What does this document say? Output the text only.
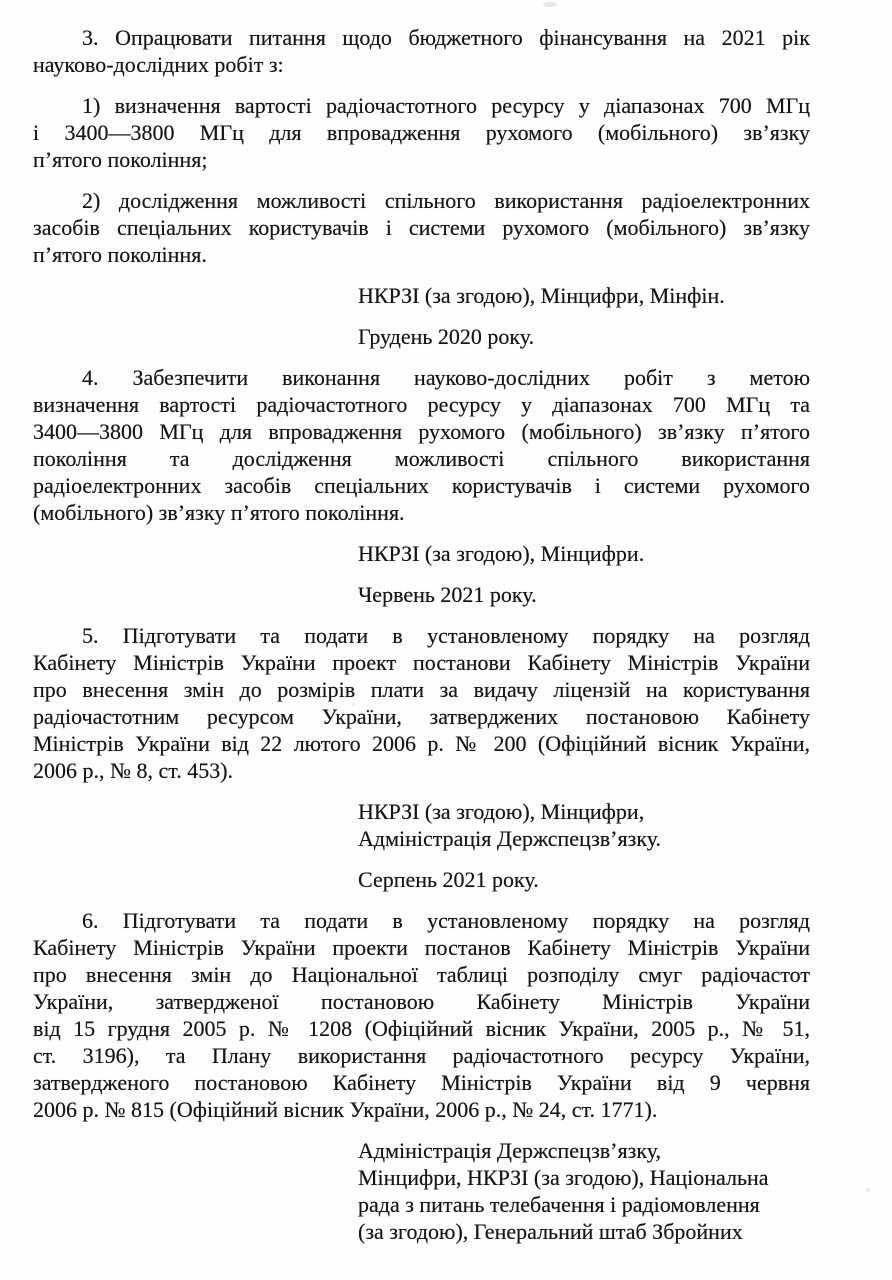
3. Опрацювати питання щодо бюджетного фінансування на 2021 рік
науково-дослідних робіт з:
1) визначення вартості радіочастотного ресурсу у діапазонах 700 МГц
і 3400—3800 МГц для впровадження рухомого (мобільного) зв’язку
п’ятого покоління;
2) дослідження можливості спільного використання радіоелектронних
засобів спеціальних користувачів і системи рухомого (мобільного) зв’язку
п’ятого покоління.
НКРЗІ (за згодою), Мінцифри, Мінфін.
Грудень 2020 року.
4. Забезпечити виконання науково-дослідних робіт з метою
визначення вартості радіочастотного ресурсу у діапазонах 700 МГц та
3400—3800 МГц для впровадження рухомого (мобільного) зв’язку п’ятого
покоління та дослідження можливості спільного використання
радіоелектронних засобів спеціальних користувачів і системи рухомого
(мобільного) зв’язку п’ятого покоління.
НКРЗІ (за згодою), Мінцифри.
Червень 2021 року.
5. Підготувати та подати в установленому порядку на розгляд
Кабінету Міністрів України проект постанови Кабінету Міністрів України
про внесення змін до розмірів плати за видачу ліцензій на користування
радіочастотним ресурсом України, затверджених постановою Кабінету
Міністрів України від 22 лютого 2006 р. № 200 (Офіційний вісник України,
2006 р., № 8, ст. 453).
НКРЗІ (за згодою), Мінцифри,
Адміністрація Держспецзв’язку.
Серпень 2021 року.
6. Підготувати та подати в установленому порядку на розгляд
Кабінету Міністрів України проекти постанов Кабінету Міністрів України
про внесення змін до Національної таблиці розподілу смуг радіочастот
України, затвердженої постановою Кабінету Міністрів України
від 15 грудня 2005 р. № 1208 (Офіційний вісник України, 2005 р., № 51,
ст. 3196), та Плану використання радіочастотного ресурсу України,
затвердженого постановою Кабінету Міністрів України від 9 червня
2006 р. № 815 (Офіційний вісник України, 2006 р., № 24, ст. 1771).
Адміністрація Держспецзв’язку,
Мінцифри, НКРЗІ (за згодою), Національна
рада з питань телебачення і радіомовлення
(за згодою), Генеральний штаб Збройних
